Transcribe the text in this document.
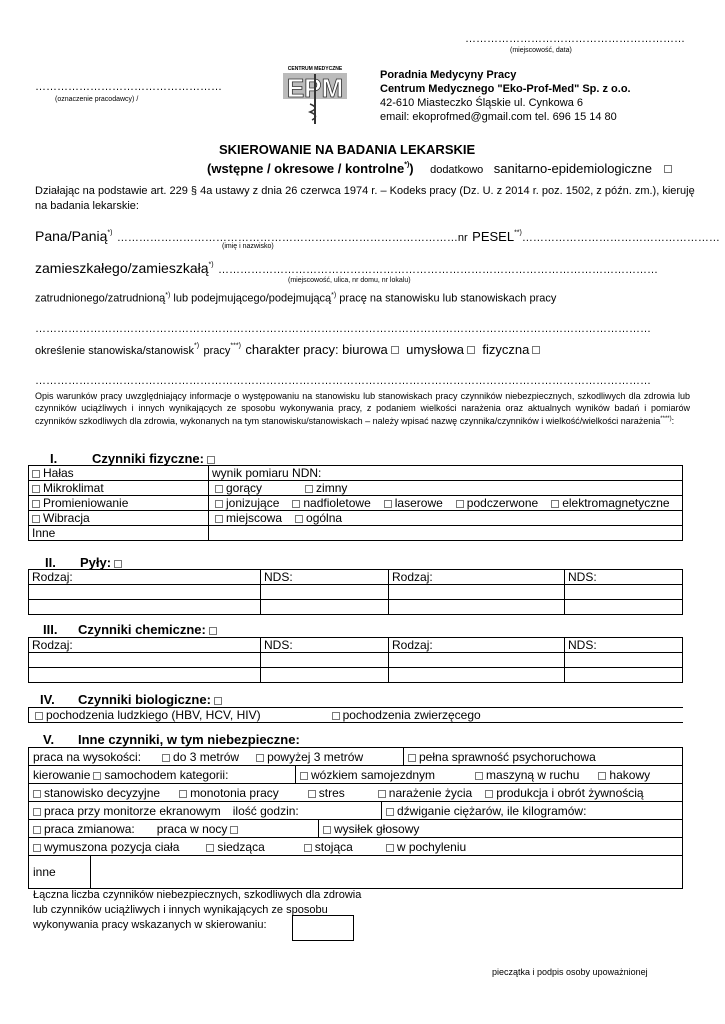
……………………………………………………
(miejscowość, data)
……………………………………………
(oznaczenie pracodawcy) /
CENTRUM MEDYCZNE
EPM	Poradnia Medycyny Pracy
Centrum Medycznego "Eko-Prof-Med" Sp. z o.o.
42-610 Miasteczko Śląskie ul. Cynkowa 6
email: ekoprofmed@gmail.com tel. 696 15 14 80
SKIEROWANIE NA BADANIA LEKARSKIE
(wstępne / okresowe / kontrolne*)) dodatkowo sanitarno-epidemiologiczne
Działając na podstawie art. 229 § 4a ustawy z dnia 26 czerwca 1974 r. – Kodeks pracy (Dz. U. z 2014 r. poz. 1502, z późn. zm.), kieruję na badania lekarskie:
Pana/Panią*) …………………………………………………………………………………nr PESEL**)………………………………………………
(imię i nazwisko)
zamieszkałego/zamieszkałą*) …………………………………………………………………………………………………………
(miejscowość, ulica, nr domu, nr lokalu)
zatrudnionego/zatrudnioną*) lub podejmującego/podejmującą*) pracę na stanowisku lub stanowiskach pracy
……………………………………………………………………………………………………………………………………………………
określenie stanowiska/stanowisk*) pracy***) charakter pracy: biurowa umysłowa fizyczna
……………………………………………………………………………………………………………………………………………………
Opis warunków pracy uwzględniający informacje o występowaniu na stanowisku lub stanowiskach pracy czynników niebezpiecznych, szkodliwych dla zdrowia lub czynników uciążliwych i innych wynikających ze sposobu wykonywania pracy, z podaniem wielkości narażenia oraz aktualnych wyników badań i pomiarów czynników szkodliwych dla zdrowia, wykonanych na tym stanowisku/stanowiskach – należy wpisać nazwę czynnika/czynników i wielkość/wielkości narażenia****):
I.	Czynniki fizyczne:
Hałas	wynik pomiaru NDN:
Mikroklimat	gorący zimny
Promieniowanie	jonizujące nadfioletowe laserowe podczerwone elektromagnetyczne
Wibracja	miejscowa ogólna
Inne	
II. Pyły:
Rodzaj:	NDS:	Rodzaj:	NDS:

III. Czynniki chemiczne:
Rodzaj:	NDS:	Rodzaj:	NDS:

IV. Czynniki biologiczne:
pochodzenia ludzkiego (HBV, HCV, HIV)	pochodzenia zwierzęcego
V. Inne czynniki, w tym niebezpieczne:
praca na wysokości:	do 3 metrów powyżej 3 metrów	pełna sprawność psychoruchowa
kierowanie samochodem kategorii:	wózkiem samojezdnym	maszyną w ruchu	hakowy
stanowisko decyzyjne	monotonia pracy	stres	narażenie życia produkcja i obrót żywnością
praca przy monitorze ekranowym ilość godzin:	dźwiganie ciężarów, ile kilogramów:
praca zmianowa: praca w nocy	wysiłek głosowy
wymuszona pozycja ciała	siedząca	stojąca	w pochyleniu
inne
Łączna liczba czynników niebezpiecznych, szkodliwych dla zdrowia lub czynników uciążliwych i innych wynikających ze sposobu wykonywania pracy wskazanych w skierowaniu:
pieczątka i podpis osoby upoważnionej
